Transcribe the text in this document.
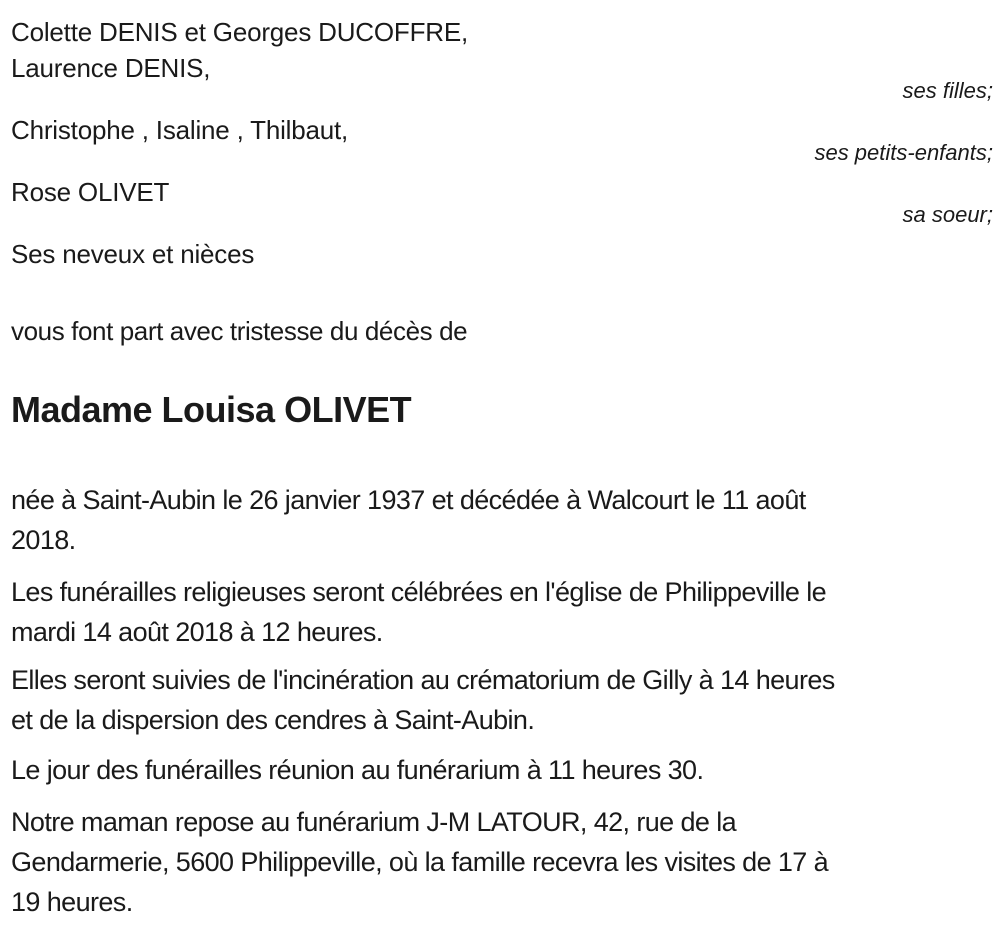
Colette DENIS et Georges DUCOFFRE,
Laurence DENIS,
ses filles;
Christophe , Isaline , Thilbaut,
ses petits-enfants;
Rose OLIVET
sa soeur;
Ses neveux et nièces
vous font part avec tristesse du décès de
Madame Louisa OLIVET
née à Saint-Aubin le 26 janvier 1937 et décédée à Walcourt le 11 août
2018.
Les funérailles religieuses seront célébrées en l'église de Philippeville le
mardi 14 août 2018 à 12 heures.
Elles seront suivies de l'incinération au crématorium de Gilly à 14 heures
et de la dispersion des cendres à Saint-Aubin.
Le jour des funérailles réunion au funérarium à 11 heures 30.
Notre maman repose au funérarium J-M LATOUR, 42, rue de la
Gendarmerie, 5600 Philippeville, où la famille recevra les visites de 17 à
19 heures.
